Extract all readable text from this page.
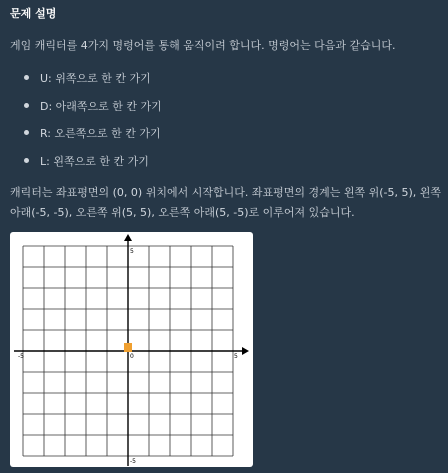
문제 설명
게임 캐릭터를 4가지 명령어를 통해 움직이려 합니다. 명령어는 다음과 같습니다.
U: 위쪽으로 한 칸 가기
D: 아래쪽으로 한 칸 가기
R: 오른쪽으로 한 칸 가기
L: 왼쪽으로 한 칸 가기
캐릭터는 좌표평면의 (0, 0) 위치에서 시작합니다. 좌표평면의 경계는 왼쪽 위(-5, 5), 왼쪽 아래(-5, -5), 오른쪽 위(5, 5), 오른쪽 아래(5, -5)로 이루어져 있습니다.
-5	5
5
-5
0
